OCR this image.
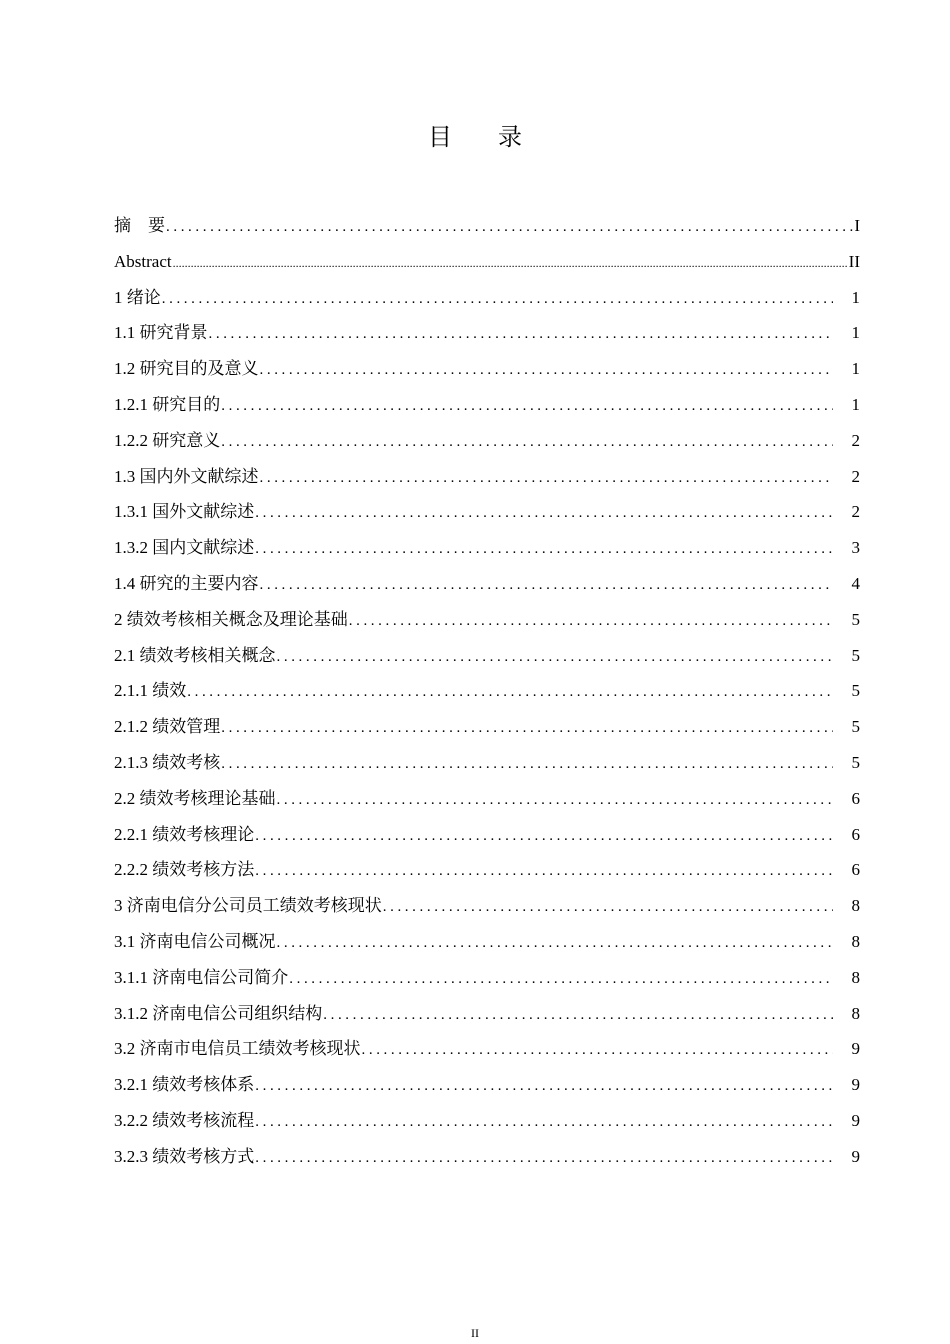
目 录
摘　要 .....	I
Abstract .....	II
1 绪论 .....	1
1.1 研究背景 .....	1
1.2 研究目的及意义 .....	1
1.2.1 研究目的 .....	1
1.2.2 研究意义 .....	2
1.3 国内外文献综述 .....	2
1.3.1 国外文献综述 .....	2
1.3.2 国内文献综述 .....	3
1.4 研究的主要内容 .....	4
2 绩效考核相关概念及理论基础 .....	5
2.1 绩效考核相关概念 .....	5
2.1.1 绩效 .....	5
2.1.2 绩效管理 .....	5
2.1.3 绩效考核 .....	5
2.2 绩效考核理论基础 .....	6
2.2.1 绩效考核理论 .....	6
2.2.2 绩效考核方法 .....	6
3 济南电信分公司员工绩效考核现状 .....	8
3.1 济南电信公司概况 .....	8
3.1.1 济南电信公司简介 .....	8
3.1.2 济南电信公司组织结构 .....	8
3.2 济南市电信员工绩效考核现状 .....	9
3.2.1 绩效考核体系 .....	9
3.2.2 绩效考核流程 .....	9
3.2.3 绩效考核方式 .....	9
II
